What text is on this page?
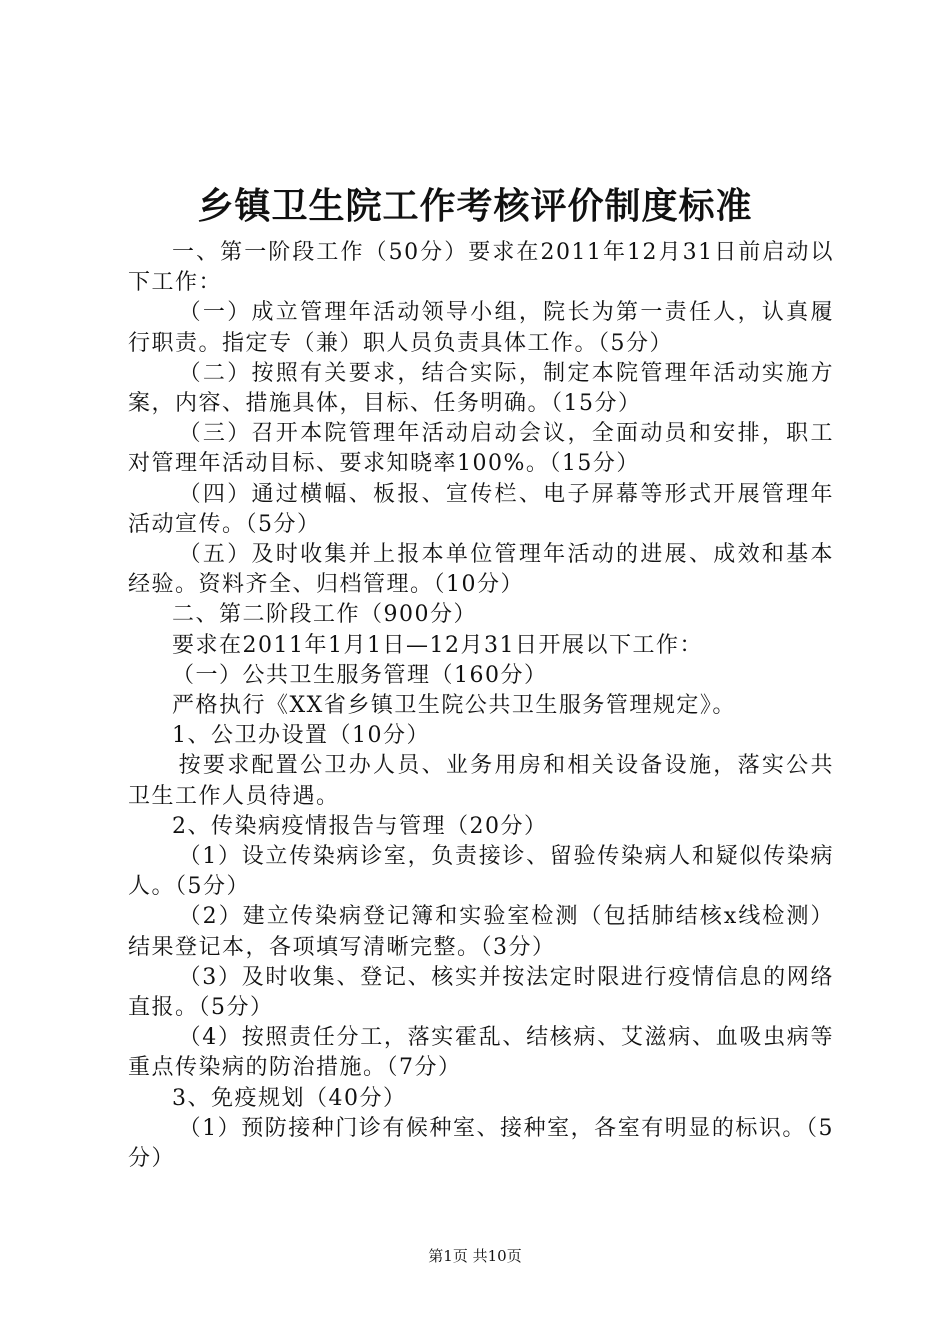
乡镇卫生院工作考核评价制度标准

一、第一阶段工作（50分）要求在2011年12月31日前启动以下工作：

（一）成立管理年活动领导小组，院长为第一责任人，认真履行职责。指定专（兼）职人员负责具体工作。（5分）

（二）按照有关要求，结合实际，制定本院管理年活动实施方案，内容、措施具体，目标、任务明确。（15分）

（三）召开本院管理年活动启动会议，全面动员和安排，职工对管理年活动目标、要求知晓率100%。（15分）

（四）通过横幅、板报、宣传栏、电子屏幕等形式开展管理年活动宣传。（5分）

（五）及时收集并上报本单位管理年活动的进展、成效和基本经验。资料齐全、归档管理。（10分）

二、第二阶段工作（900分）

要求在2011年1月1日—12月31日开展以下工作：

（一）公共卫生服务管理（160分）

严格执行《XX省乡镇卫生院公共卫生服务管理规定》。

1、公卫办设置（10分）

按要求配置公卫办人员、业务用房和相关设备设施，落实公共卫生工作人员待遇。

2、传染病疫情报告与管理（20分）

（1）设立传染病诊室，负责接诊、留验传染病人和疑似传染病人。（5分）

（2）建立传染病登记簿和实验室检测（包括肺结核x线检测）结果登记本，各项填写清晰完整。（3分）

（3）及时收集、登记、核实并按法定时限进行疫情信息的网络直报。（5分）

（4）按照责任分工，落实霍乱、结核病、艾滋病、血吸虫病等重点传染病的防治措施。（7分）

3、免疫规划（40分）

（1）预防接种门诊有候种室、接种室，各室有明显的标识。（5分）

第1页 共10页
